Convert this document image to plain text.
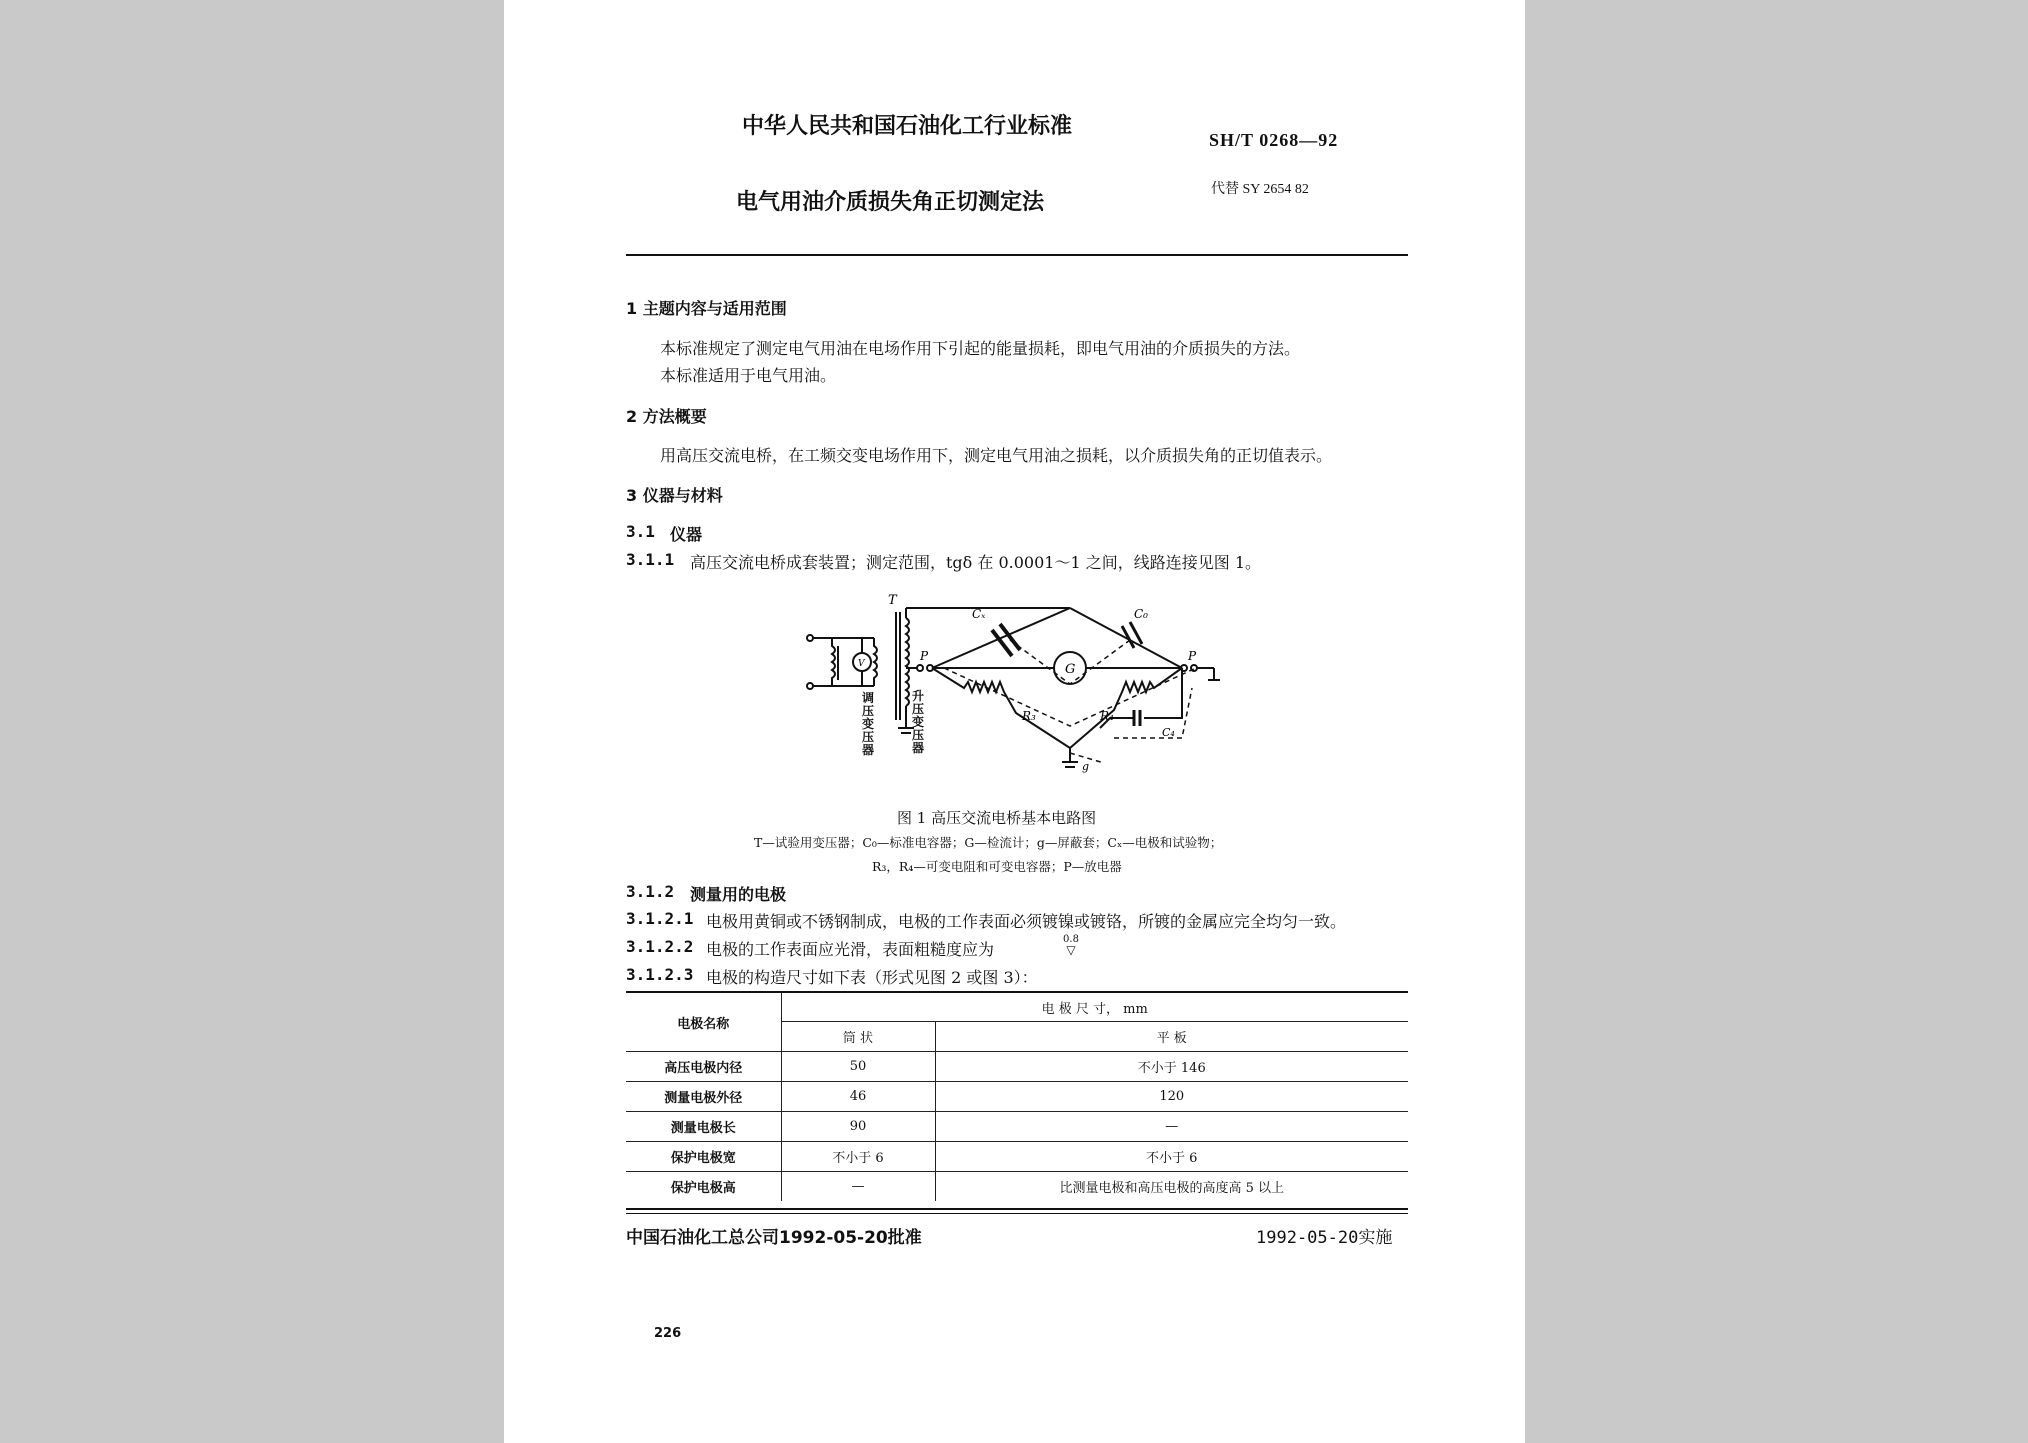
中华人民共和国石油化工行业标准
SH/T 0268—92
电气用油介质损失角正切测定法
代替 SY 2654 82
1 主题内容与适用范围
本标准规定了测定电气用油在电场作用下引起的能量损耗，即电气用油的介质损失的方法。
本标准适用于电气用油。
2 方法概要
用高压交流电桥，在工频交变电场作用下，测定电气用油之损耗，以介质损失角的正切值表示。
3 仪器与材料
3.1 仪器
3.1.1 高压交流电桥成套装置；测定范围，tgδ 在 0.0001～1 之间，线路连接见图 1。
T
Cₓ	C₀
P	P
G
R₃	R₄
C₄
g
V
调压变压器
升压变压器
图 1 高压交流电桥基本电路图
T—试验用变压器；C₀—标准电容器；G—检流计；g—屏蔽套；Cₓ—电极和试验物；
R₃，R₄—可变电阻和可变电容器；P—放电器
3.1.2 测量用的电极
3.1.2.1 电极用黄铜或不锈钢制成，电极的工作表面必须镀镍或镀铬，所镀的金属应完全均匀一致。
3.1.2.2 电极的工作表面应光滑，表面粗糙度应为
0.8
▽
3.1.2.3 电极的构造尺寸如下表（形式见图 2 或图 3）：
电极名称	电 极 尺 寸， mm	
	筒 状	平 板
高压电极内径	50	不小于 146
测量电极外径	46	120
测量电极长	90	—
保护电极宽	不小于 6	不小于 6
保护电极高	—	比测量电极和高压电极的高度高 5 以上
中国石油化工总公司1992-05-20批准	1992-05-20实施
226
